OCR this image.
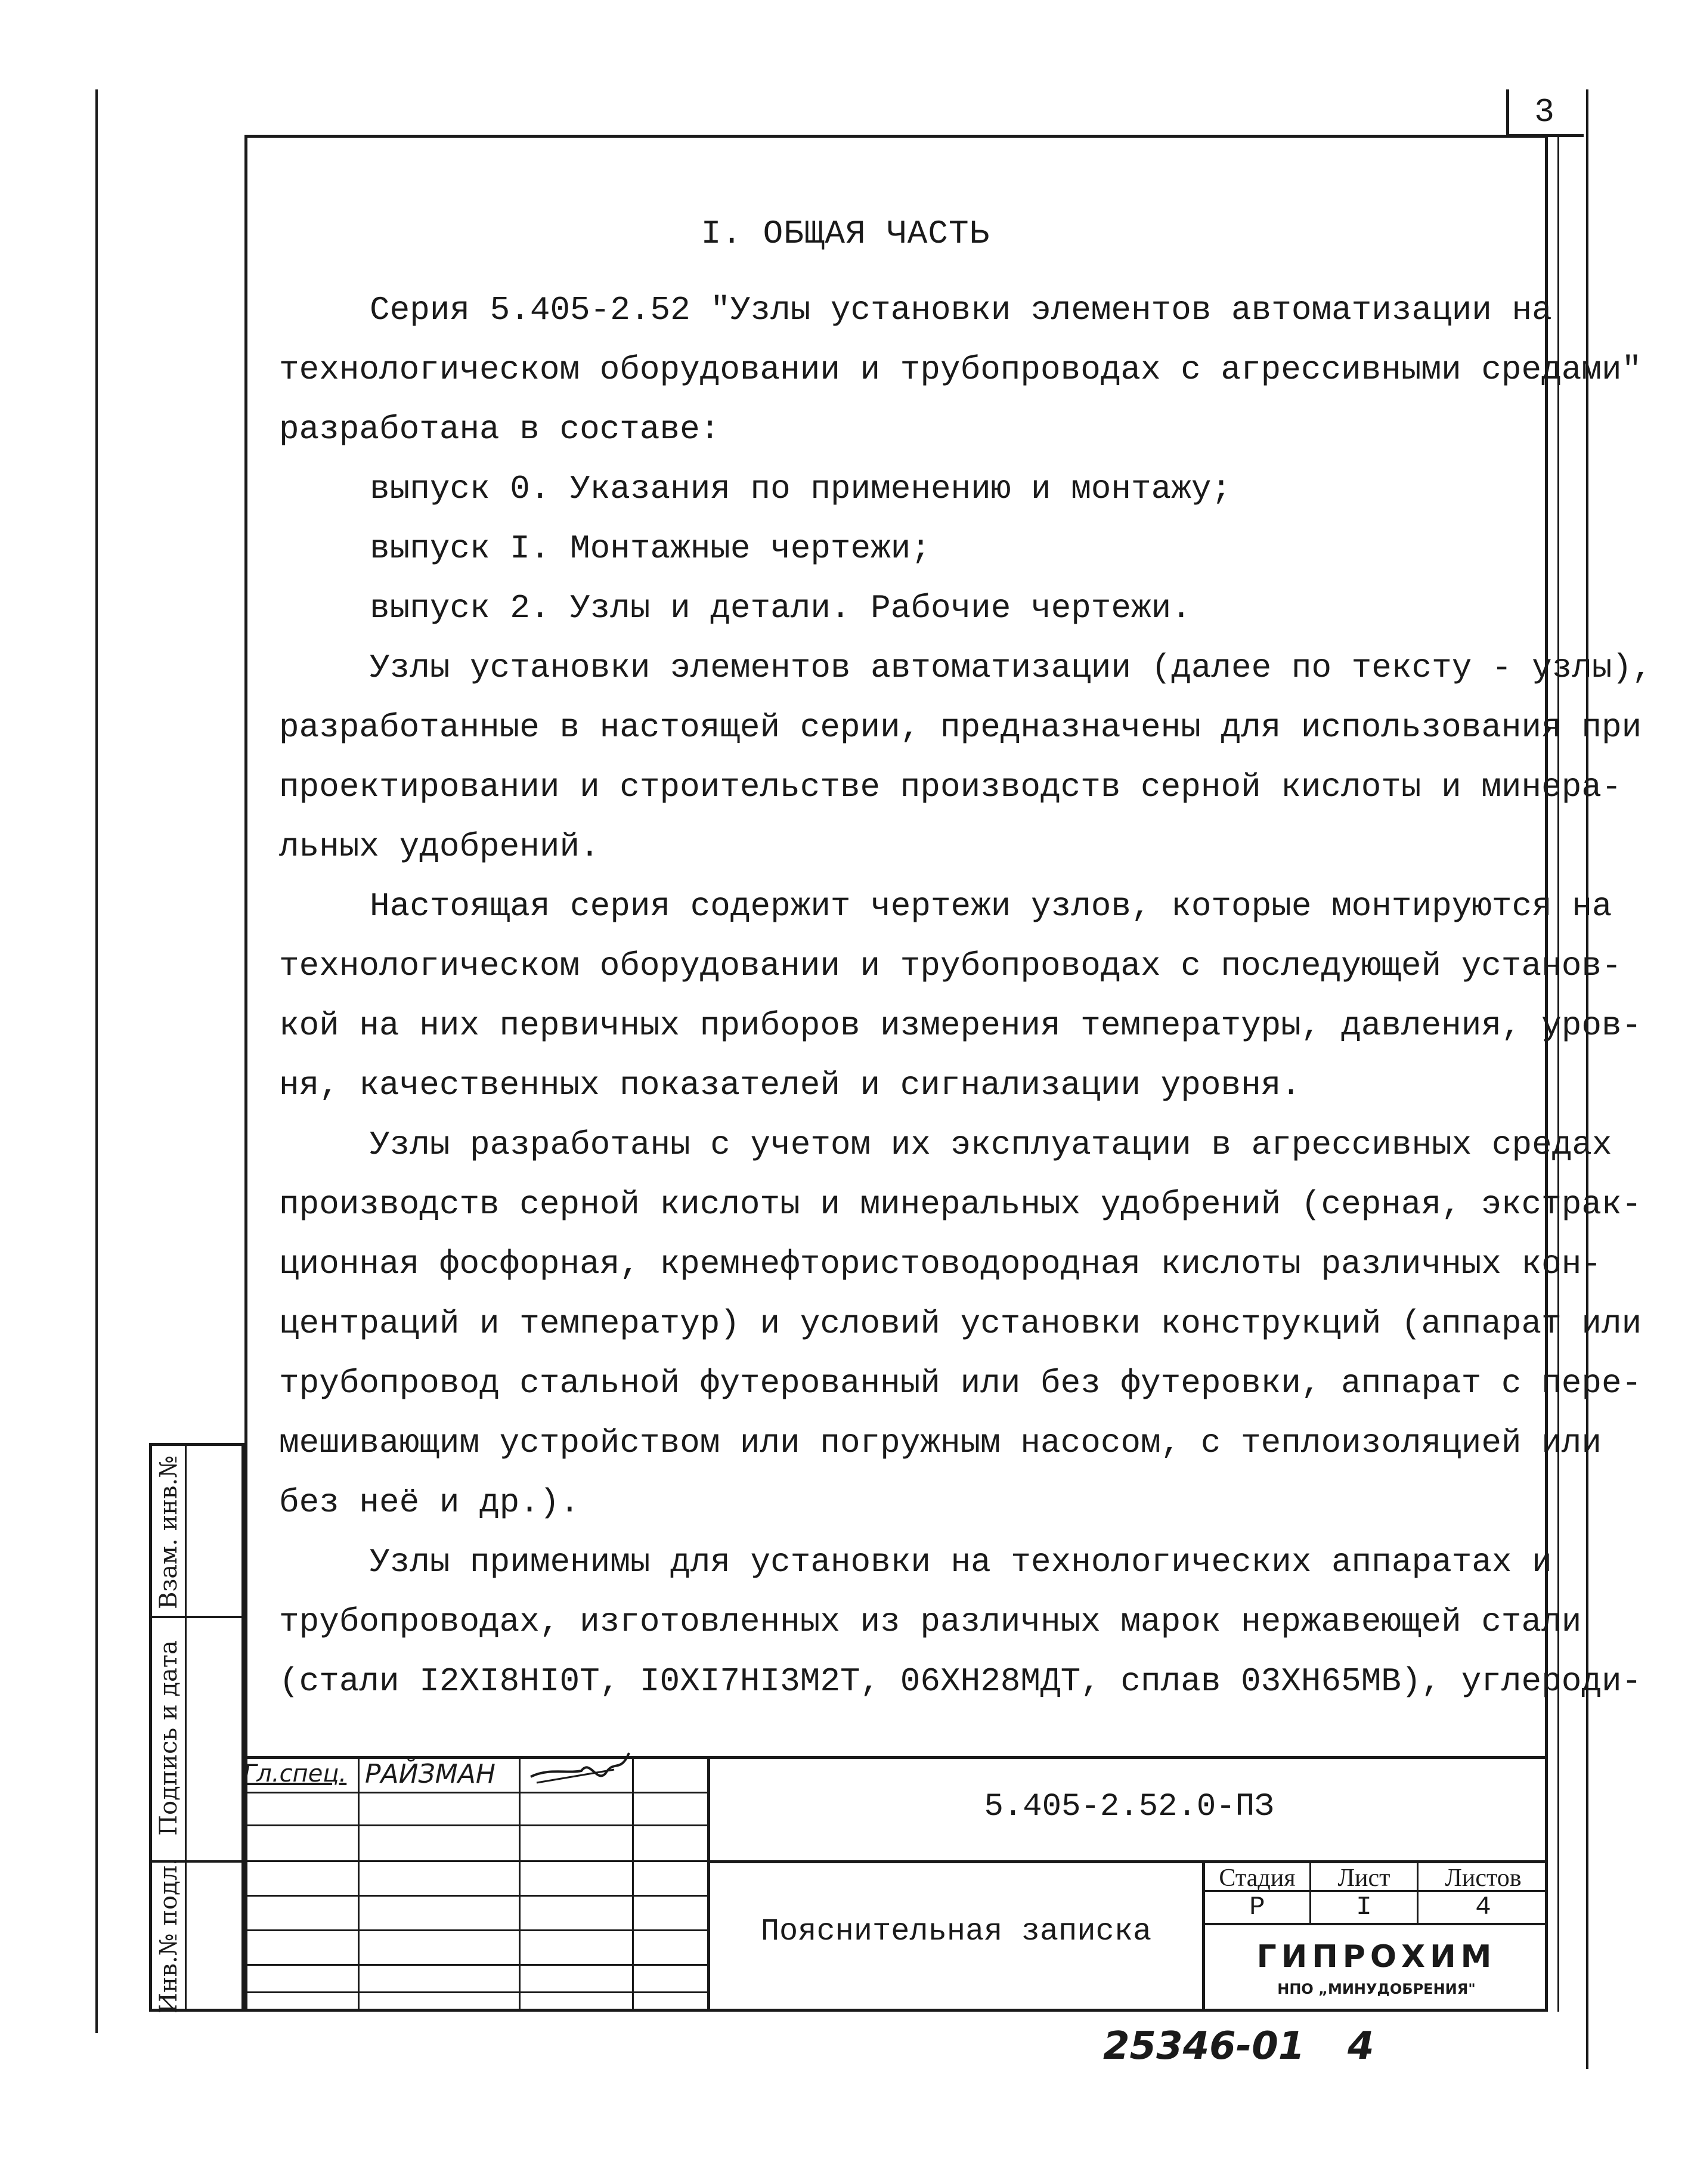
3
I. ОБЩАЯ ЧАСТЬ
Серия 5.405-2.52 "Узлы установки элементов автоматизации на
технологическом оборудовании и трубопроводах с агрессивными средами"
разработана в составе:
выпуск 0. Указания по применению и монтажу;
выпуск I. Монтажные чертежи;
выпуск 2. Узлы и детали. Рабочие чертежи.
Узлы установки элементов автоматизации (далее по тексту - узлы),
разработанные в настоящей серии, предназначены для использования при
проектировании и строительстве производств серной кислоты и минера-
льных удобрений.
Настоящая серия содержит чертежи узлов, которые монтируются на
технологическом оборудовании и трубопроводах с последующей установ-
кой на них первичных приборов измерения температуры, давления, уров-
ня, качественных показателей и сигнализации уровня.
Узлы разработаны с учетом их эксплуатации в агрессивных средах
производств серной кислоты и минеральных удобрений (серная, экстрак-
ционная фосфорная, кремнефтористоводородная кислоты различных кон-
центраций и температур) и условий установки конструкций (аппарат или
трубопровод стальной футерованный или без футеровки, аппарат с пере-
мешивающим устройством или погружным насосом, с теплоизоляцией или
без неё и др.).
Узлы применимы для установки на технологических аппаратах и
трубопроводах, изготовленных из различных марок нержавеющей стали
(стали I2XI8HI0T, I0XI7HI3M2T, 06XH28MДT, сплав 03XH65MB), углероди-
Гл.спец. РАЙЗМАН
5.405-2.52.0-ПЗ
Пояснительная записка
Стадия	Лист	Листов
Р	I	4
ГИПРОХИМ
НПО „МИНУДОБРЕНИЯ"
Взам. инв.№
Подпись и дата
Инв.№ подл.
25346-01 4
